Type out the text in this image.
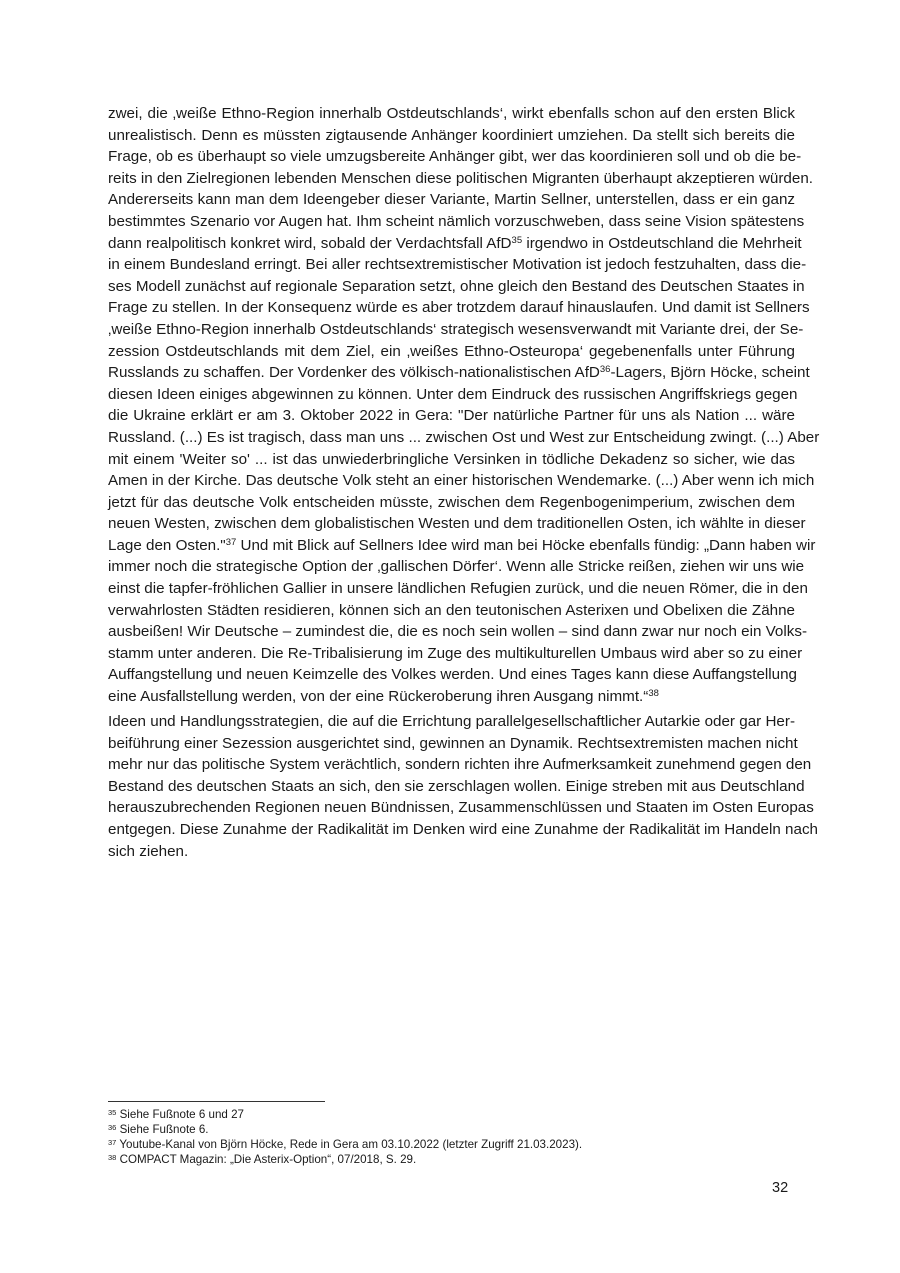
zwei, die ‚weiße Ethno-Region innerhalb Ostdeutschlands‘, wirkt ebenfalls schon auf den ersten Blick
unrealistisch. Denn es müssten zigtausende Anhänger koordiniert umziehen. Da stellt sich bereits die
Frage, ob es überhaupt so viele umzugsbereite Anhänger gibt, wer das koordinieren soll und ob die be-
reits in den Zielregionen lebenden Menschen diese politischen Migranten überhaupt akzeptieren würden.
Andererseits kann man dem Ideengeber dieser Variante, Martin Sellner, unterstellen, dass er ein ganz
bestimmtes Szenario vor Augen hat. Ihm scheint nämlich vorzuschweben, dass seine Vision spätestens
dann realpolitisch konkret wird, sobald der Verdachtsfall AfD$^{35}$ irgendwo in Ostdeutschland die Mehrheit
in einem Bundesland erringt. Bei aller rechtsextremistischer Motivation ist jedoch festzuhalten, dass die-
ses Modell zunächst auf regionale Separation setzt, ohne gleich den Bestand des Deutschen Staates in
Frage zu stellen. In der Konsequenz würde es aber trotzdem darauf hinauslaufen. Und damit ist Sellners
‚weiße Ethno-Region innerhalb Ostdeutschlands‘ strategisch wesensverwandt mit Variante drei, der Se-
zession Ostdeutschlands mit dem Ziel, ein ‚weißes Ethno-Osteuropa‘ gegebenenfalls unter Führung
Russlands zu schaffen. Der Vordenker des völkisch-nationalistischen AfD$^{36}$-Lagers, Björn Höcke, scheint
diesen Ideen einiges abgewinnen zu können. Unter dem Eindruck des russischen Angriffskriegs gegen
die Ukraine erklärt er am 3. Oktober 2022 in Gera: "Der natürliche Partner für uns als Nation ... wäre
Russland. (...) Es ist tragisch, dass man uns ... zwischen Ost und West zur Entscheidung zwingt. (...) Aber
mit einem 'Weiter so' ... ist das unwiederbringliche Versinken in tödliche Dekadenz so sicher, wie das
Amen in der Kirche. Das deutsche Volk steht an einer historischen Wendemarke. (...) Aber wenn ich mich
jetzt für das deutsche Volk entscheiden müsste, zwischen dem Regenbogenimperium, zwischen dem
neuen Westen, zwischen dem globalistischen Westen und dem traditionellen Osten, ich wählte in dieser
Lage den Osten."$^{37}$ Und mit Blick auf Sellners Idee wird man bei Höcke ebenfalls fündig: „Dann haben wir
immer noch die strategische Option der ‚gallischen Dörfer‘. Wenn alle Stricke reißen, ziehen wir uns wie
einst die tapfer-fröhlichen Gallier in unsere ländlichen Refugien zurück, und die neuen Römer, die in den
verwahrlosten Städten residieren, können sich an den teutonischen Asterixen und Obelixen die Zähne
ausbeißen! Wir Deutsche – zumindest die, die es noch sein wollen – sind dann zwar nur noch ein Volks-
stamm unter anderen. Die Re-Tribalisierung im Zuge des multikulturellen Umbaus wird aber so zu einer
Auffangstellung und neuen Keimzelle des Volkes werden. Und eines Tages kann diese Auffangstellung
eine Ausfallstellung werden, von der eine Rückeroberung ihren Ausgang nimmt.“$^{38}$
Ideen und Handlungsstrategien, die auf die Errichtung parallelgesellschaftlicher Autarkie oder gar Her-
beiführung einer Sezession ausgerichtet sind, gewinnen an Dynamik. Rechtsextremisten machen nicht
mehr nur das politische System verächtlich, sondern richten ihre Aufmerksamkeit zunehmend gegen den
Bestand des deutschen Staats an sich, den sie zerschlagen wollen. Einige streben mit aus Deutschland
herauszubrechenden Regionen neuen Bündnissen, Zusammenschlüssen und Staaten im Osten Europas
entgegen. Diese Zunahme der Radikalität im Denken wird eine Zunahme der Radikalität im Handeln nach
sich ziehen.
$^{35}$ Siehe Fußnote 6 und 27
$^{36}$ Siehe Fußnote 6.
$^{37}$ Youtube-Kanal von Björn Höcke, Rede in Gera am 03.10.2022 (letzter Zugriff 21.03.2023).
$^{38}$ COMPACT Magazin: „Die Asterix-Option“, 07/2018, S. 29.
32
